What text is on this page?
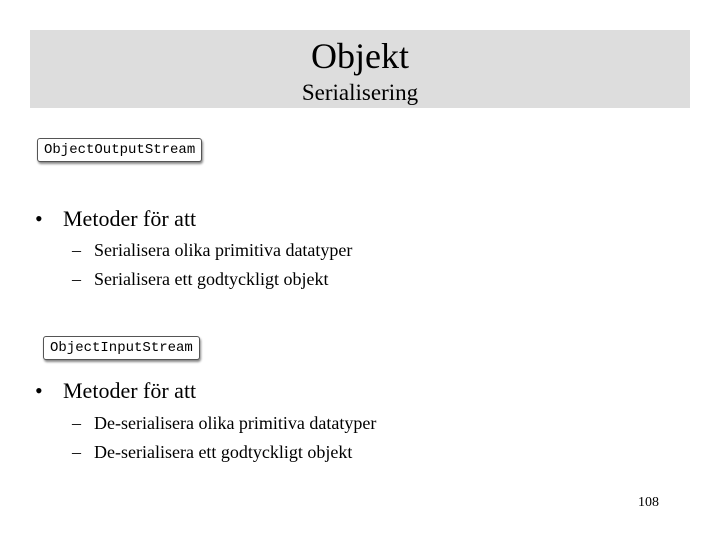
Objekt
Serialisering
ObjectOutputStream
• Metoder för att
– Serialisera olika primitiva datatyper
– Serialisera ett godtyckligt objekt
ObjectInputStream
• Metoder för att
– De-serialisera olika primitiva datatyper
– De-serialisera ett godtyckligt objekt
108
